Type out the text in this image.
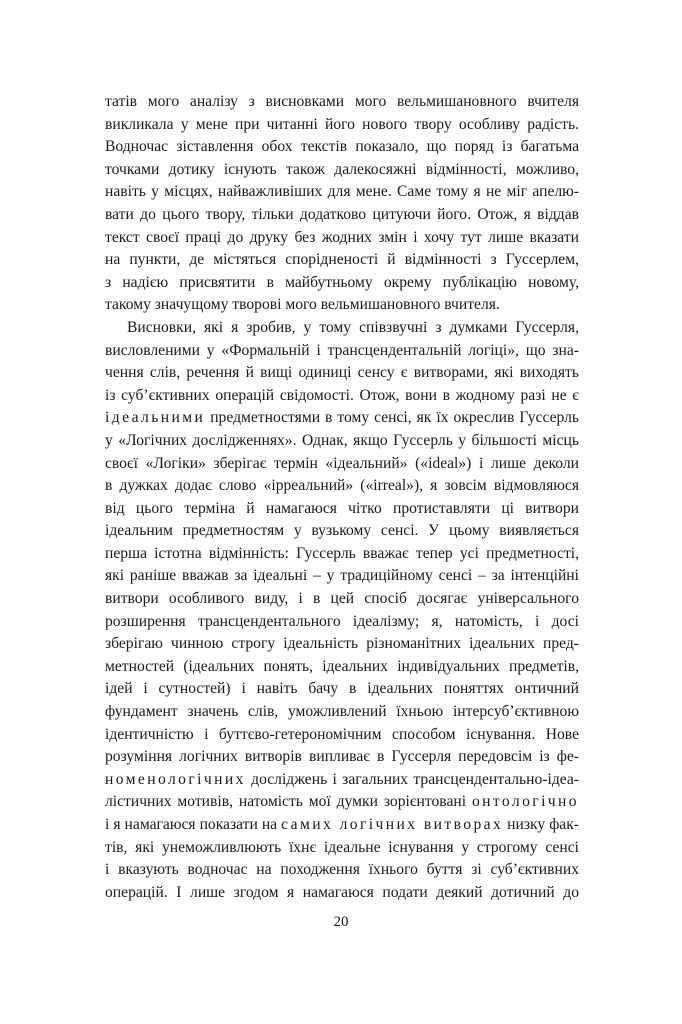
татів мого аналізу з висновками мого вельмишановного вчителя
викликала у мене при читанні його нового твору особливу радість.
Водночас зіставлення обох текстів показало, що поряд із багатьма
точками дотику існують також далекосяжні відмінності, можливо,
навіть у місцях, найважливіших для мене. Саме тому я не міг апелю-
вати до цього твору, тільки додатково цитуючи його. Отож, я віддав
текст своєї праці до друку без жодних змін і хочу тут лише вказати
на пункти, де містяться спорідненості й відмінності з Гуссерлем,
з надією присвятити в майбутньому окрему публікацію новому,
такому значущому творові мого вельмишановного вчителя.
Висновки, які я зробив, у тому співзвучні з думками Гуссерля,
висловленими у «Формальній і трансцендентальній логіці», що зна-
чення слів, речення й вищі одиниці сенсу є витворами, які виходять
із суб’єктивних операцій свідомості. Отож, вони в жодному разі не є
ідеальними предметностями в тому сенсі, як їх окреслив Гуссерль
у «Логічних дослідженнях». Однак, якщо Гуссерль у більшості місць
своєї «Логіки» зберігає термін «ідеальний» («ideal») і лише деколи
в дужках додає слово «ірреальний» («irreal»), я зовсім відмовляюся
від цього терміна й намагаюся чітко протиставляти ці витвори
ідеальним предметностям у вузькому сенсі. У цьому виявляється
перша істотна відмінність: Гуссерль вважає тепер усі предметності,
які раніше вважав за ідеальні – у традиційному сенсі – за інтенційні
витвори особливого виду, і в цей спосіб досягає універсального
розширення трансцендентального ідеалізму; я, натомість, і досі
зберігаю чинною строгу ідеальність різноманітних ідеальних пред-
метностей (ідеальних понять, ідеальних індивідуальних предметів,
ідей і сутностей) і навіть бачу в ідеальних поняттях онтичний
фундамент значень слів, уможливлений їхньою інтерсуб’єктивною
ідентичністю і буттєво-гетерономічним способом існування. Нове
розуміння логічних витворів випливає в Гуссерля передовсім із фе-
номенологічних досліджень і загальних трансцендентально-ідеа-
лістичних мотивів, натомість мої думки зорієнтовані онтологічно
і я намагаюся показати на самих логічних витворах низку фак-
тів, які унеможливлюють їхнє ідеальне існування у строгому сенсі
і вказують водночас на походження їхнього буття зі суб’єктивних
операцій. І лише згодом я намагаюся подати деякий дотичний до
20
